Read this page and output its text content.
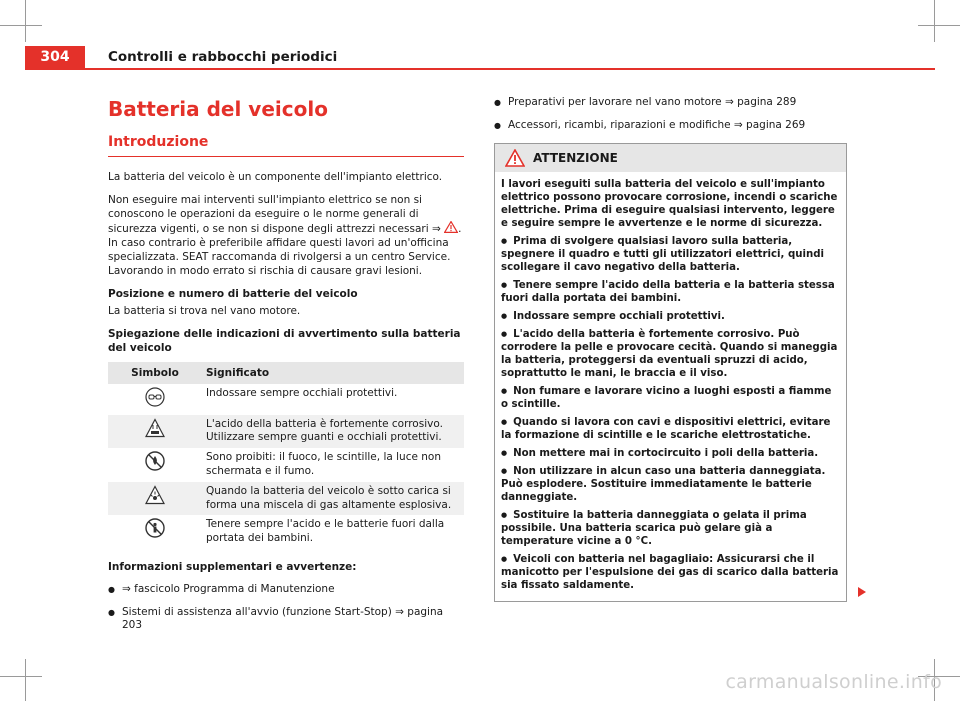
304	Controlli e rabbocchi periodici
Batteria del veicolo
Introduzione

La batteria del veicolo è un componente dell'impianto elettrico.

Non eseguire mai interventi sull'impianto elettrico se non si conoscono le operazioni da eseguire o le norme generali di sicurezza vigenti, o se non si dispone degli attrezzi necessari ⇒ . In caso contrario è preferibile affidare questi lavori ad un'officina specializzata. SEAT raccomanda di rivolgersi a un centro Service. Lavorando in modo errato si rischia di causare gravi lesioni.

Posizione e numero di batterie del veicolo

La batteria si trova nel vano motore.

Spiegazione delle indicazioni di avvertimento sulla batteria del veicolo

Simbolo	Significato
	Indossare sempre occhiali protettivi.
	L'acido della batteria è fortemente corrosivo. Utilizzare sempre guanti e occhiali protettivi.
	Sono proibiti: il fuoco, le scintille, la luce non schermata e il fumo.
	Quando la batteria del veicolo è sotto carica si forma una miscela di gas altamente esplosiva.
	Tenere sempre l'acido e le batterie fuori dalla portata dei bambini.

Informazioni supplementari e avvertenze:

● ⇒ fascicolo Programma di Manutenzione
● Sistemi di assistenza all'avvio (funzione Start-Stop) ⇒ pagina 203
● Preparativi per lavorare nel vano motore ⇒ pagina 289
● Accessori, ricambi, riparazioni e modifiche ⇒ pagina 269
ATTENZIONE

I lavori eseguiti sulla batteria del veicolo e sull'impianto elettrico possono provocare corrosione, incendi o scariche elettriche. Prima di eseguire qualsiasi intervento, leggere e seguire sempre le avvertenze e le norme di sicurezza.

● Prima di svolgere qualsiasi lavoro sulla batteria, spegnere il quadro e tutti gli utilizzatori elettrici, quindi scollegare il cavo negativo della batteria.

● Tenere sempre l'acido della batteria e la batteria stessa fuori dalla portata dei bambini.

● Indossare sempre occhiali protettivi.

● L'acido della batteria è fortemente corrosivo. Può corrodere la pelle e provocare cecità. Quando si maneggia la batteria, proteggersi da eventuali spruzzi di acido, soprattutto le mani, le braccia e il viso.

● Non fumare e lavorare vicino a luoghi esposti a fiamme o scintille.

● Quando si lavora con cavi e dispositivi elettrici, evitare la formazione di scintille e le scariche elettrostatiche.

● Non mettere mai in cortocircuito i poli della batteria.

● Non utilizzare in alcun caso una batteria danneggiata. Può esplodere. Sostituire immediatamente le batterie danneggiate.

● Sostituire la batteria danneggiata o gelata il prima possibile. Una batteria scarica può gelare già a temperature vicine a 0 °C.

● Veicoli con batteria nel bagagliaio: Assicurarsi che il manicotto per l'espulsione dei gas di scarico dalla batteria sia fissato saldamente.

carmanualsonline.info
